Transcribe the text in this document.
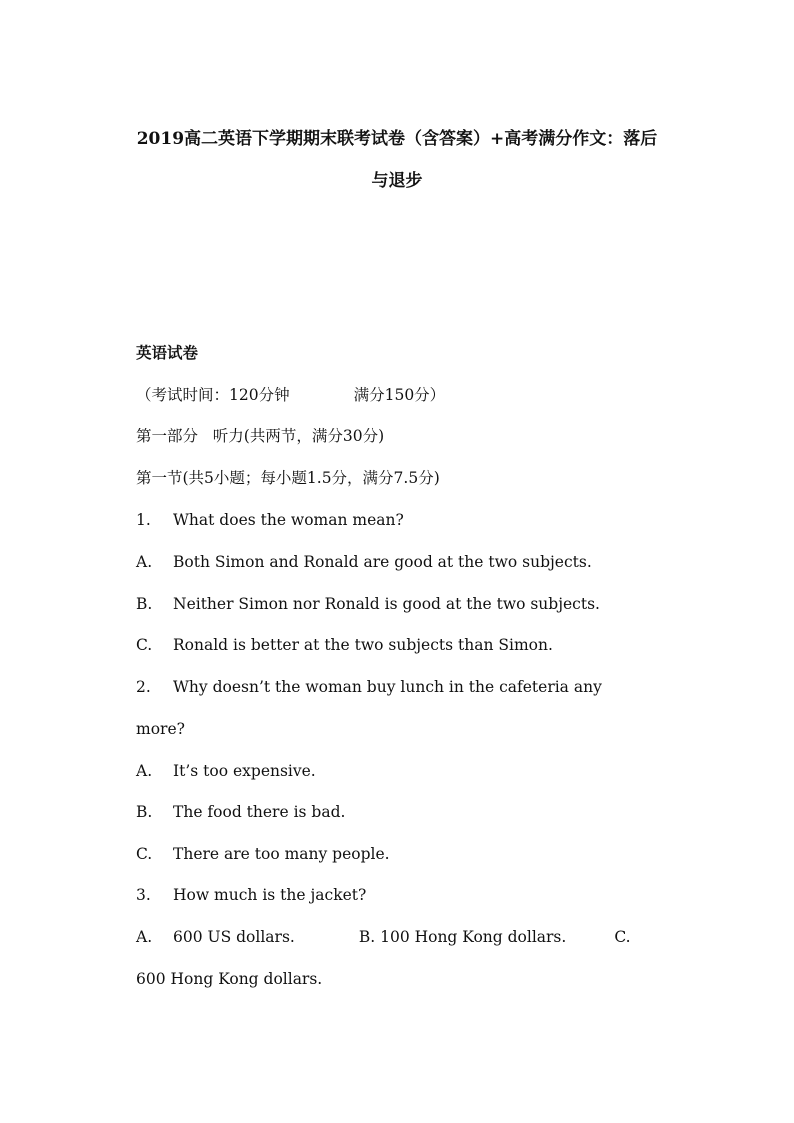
2019高二英语下学期期末联考试卷（含答案）+高考满分作文：落后
与退步
英语试卷
（考试时间：120分钟	满分150分）
第一部分 听力(共两节，满分30分)
第一节(共5小题；每小题1.5分，满分7.5分)
1. What does the woman mean?
A. Both Simon and Ronald are good at the two subjects.
B. Neither Simon nor Ronald is good at the two subjects.
C. Ronald is better at the two subjects than Simon.
2. Why doesn’t the woman buy lunch in the cafeteria any
more?
A. It’s too expensive.
B. The food there is bad.
C. There are too many people.
3. How much is the jacket?
A. 600 US dollars.	B. 100 Hong Kong dollars.	C.
600 Hong Kong dollars.
